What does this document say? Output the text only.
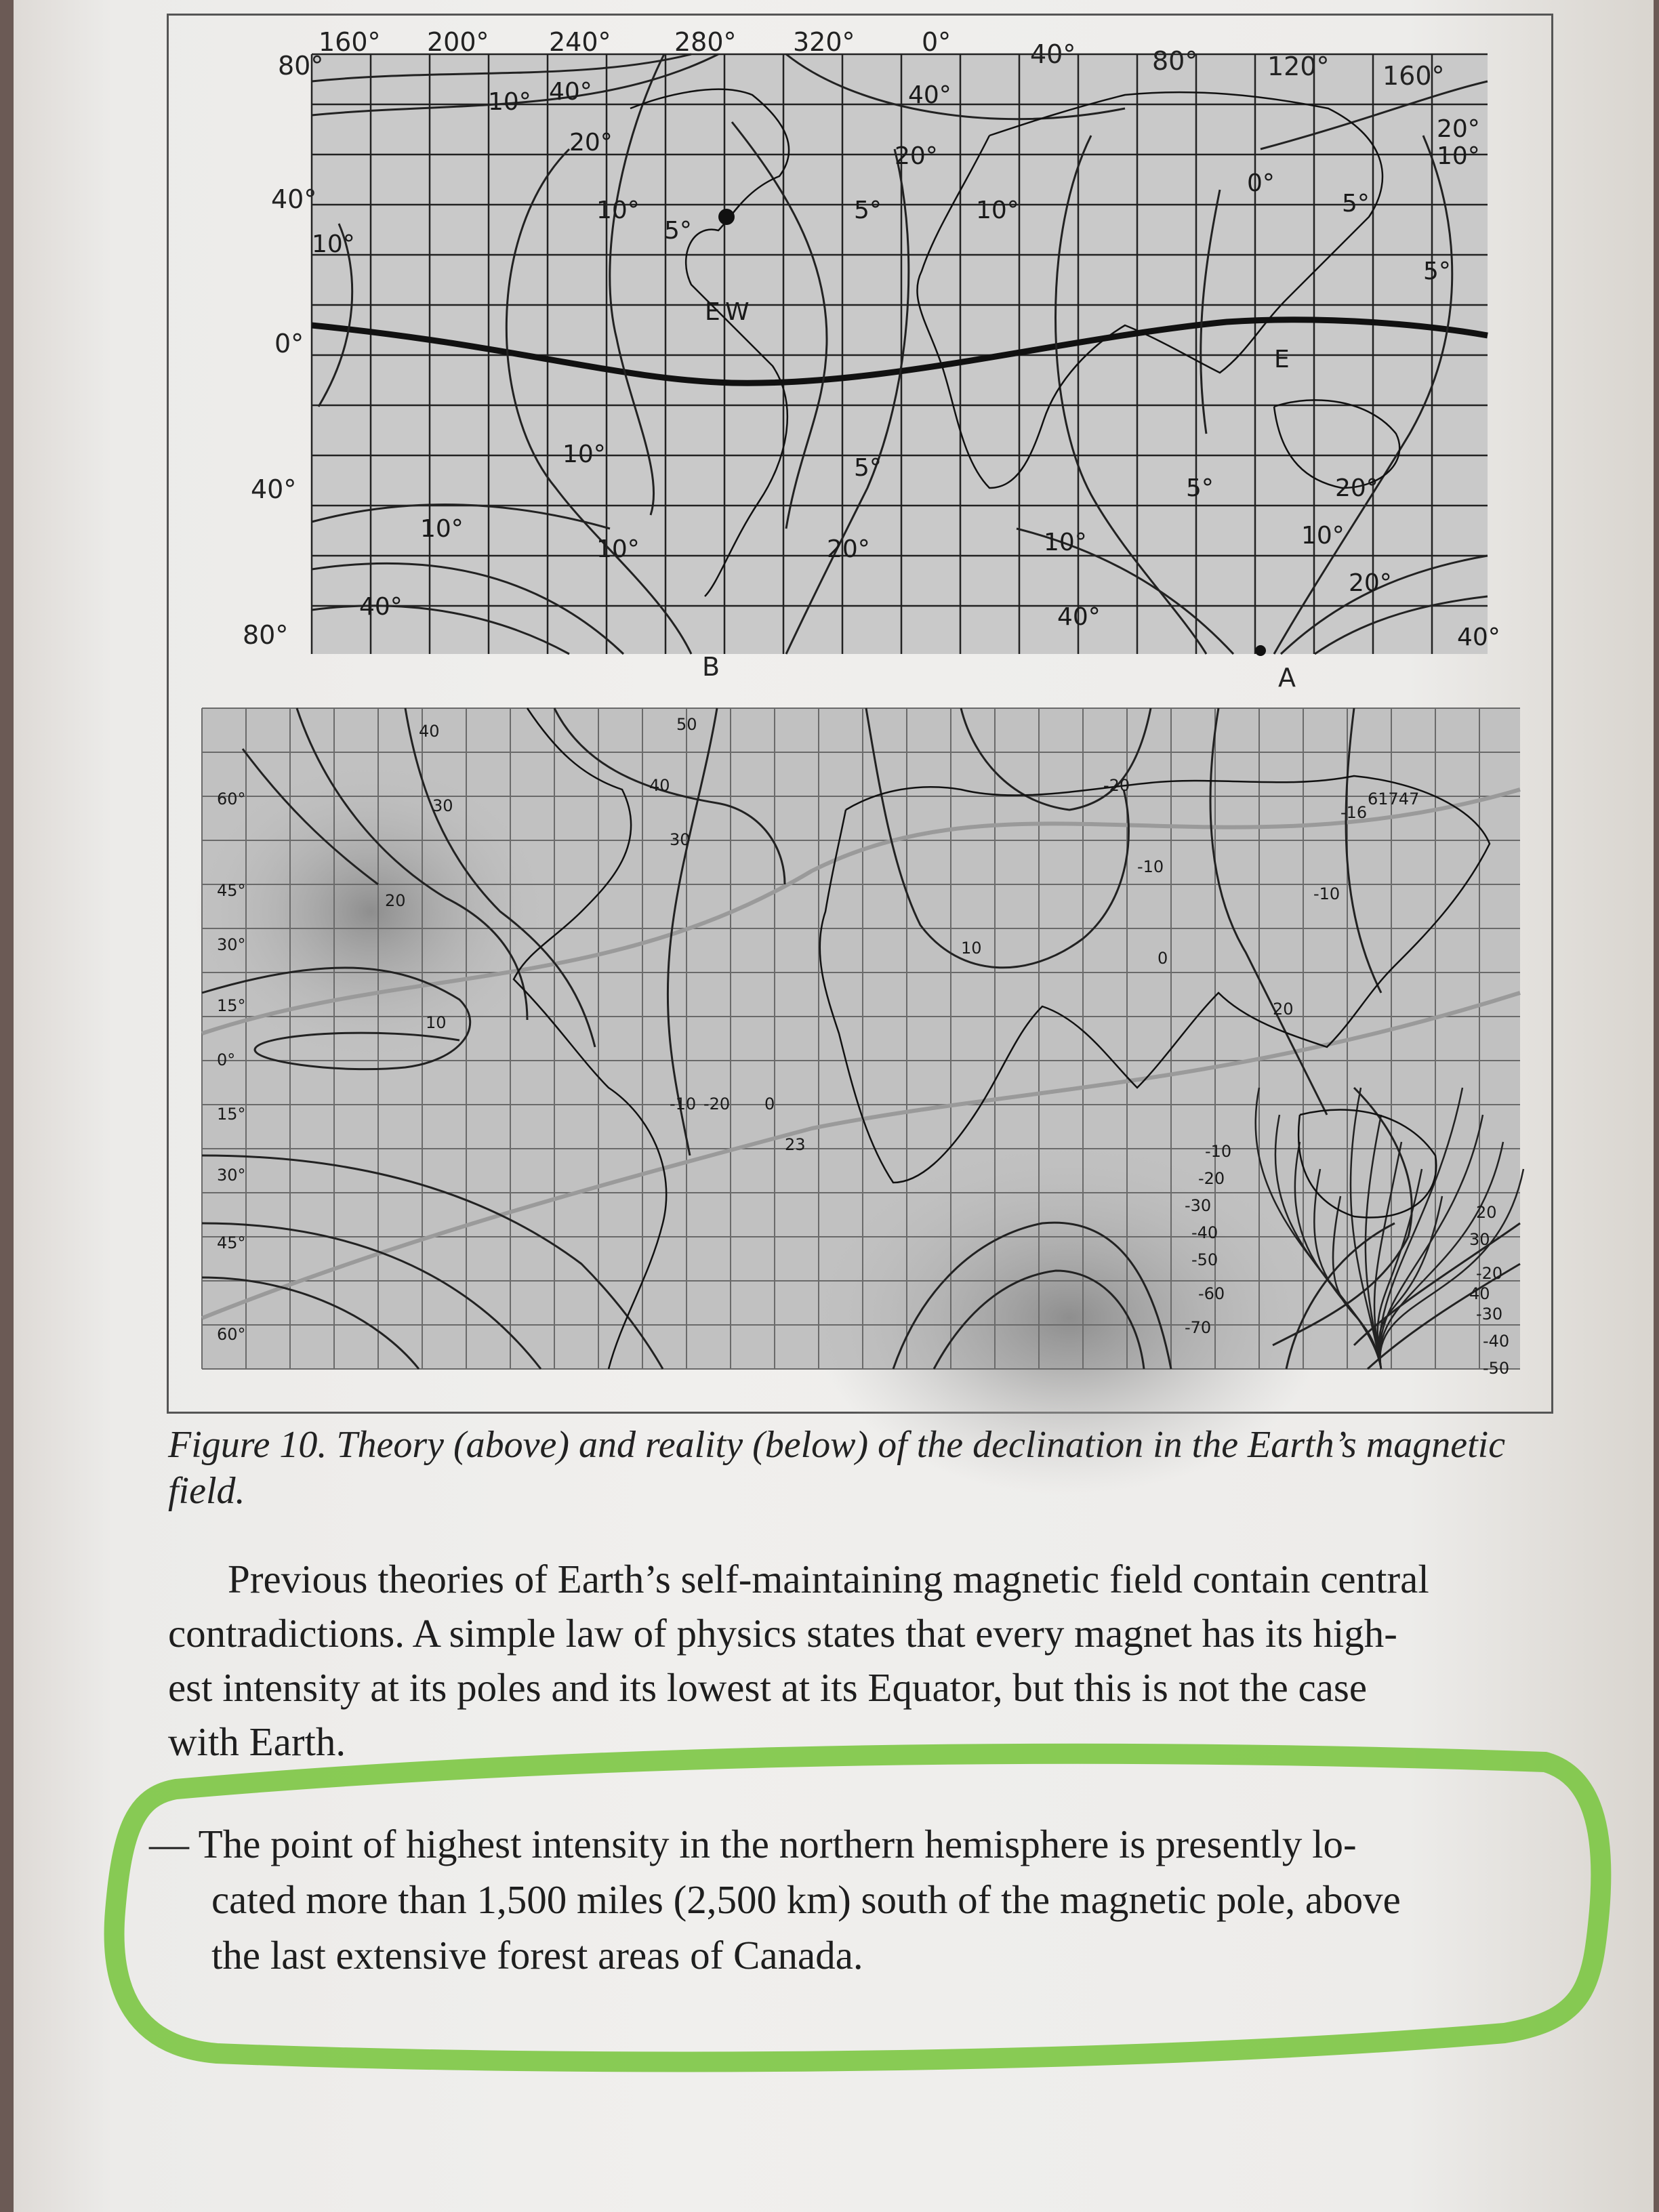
40°
20°
10°
5°
40°
20°
10°
0°
20°
10°
5°
10°
10°
5°
10°	5°
5°
5°	20°
10°
10°	20°	10°	10°
20°
40°	40°
40°
E W
E
B	A
40	50
40
30
30
20
-20
-10
10
-16
-10
0
10
0
-10 -20
20
23	-10
-20
-30
-40
-50
-60
-70
-20
-30
-40
-50
20
30
40
61747
Figure 10. Theory (above) and reality (below) of the declination in the Earth’s magnetic
field.
Previous theories of Earth’s self-maintaining magnetic field contain central
contradictions. A simple law of physics states that every magnet has its high-
est intensity at its poles and its lowest at its Equator, but this is not the case
with Earth.
— The point of highest intensity in the northern hemisphere is presently lo-
cated more than 1,500 miles (2,500 km) south of the magnetic pole, above
the last extensive forest areas of Canada.
160° 200° 240° 280° 320°	0°	40°	80°	120° 160°
80°
40°
0°
40°
80°
60°
45°
30°
15°
0°
15°
30°
45°
60°
